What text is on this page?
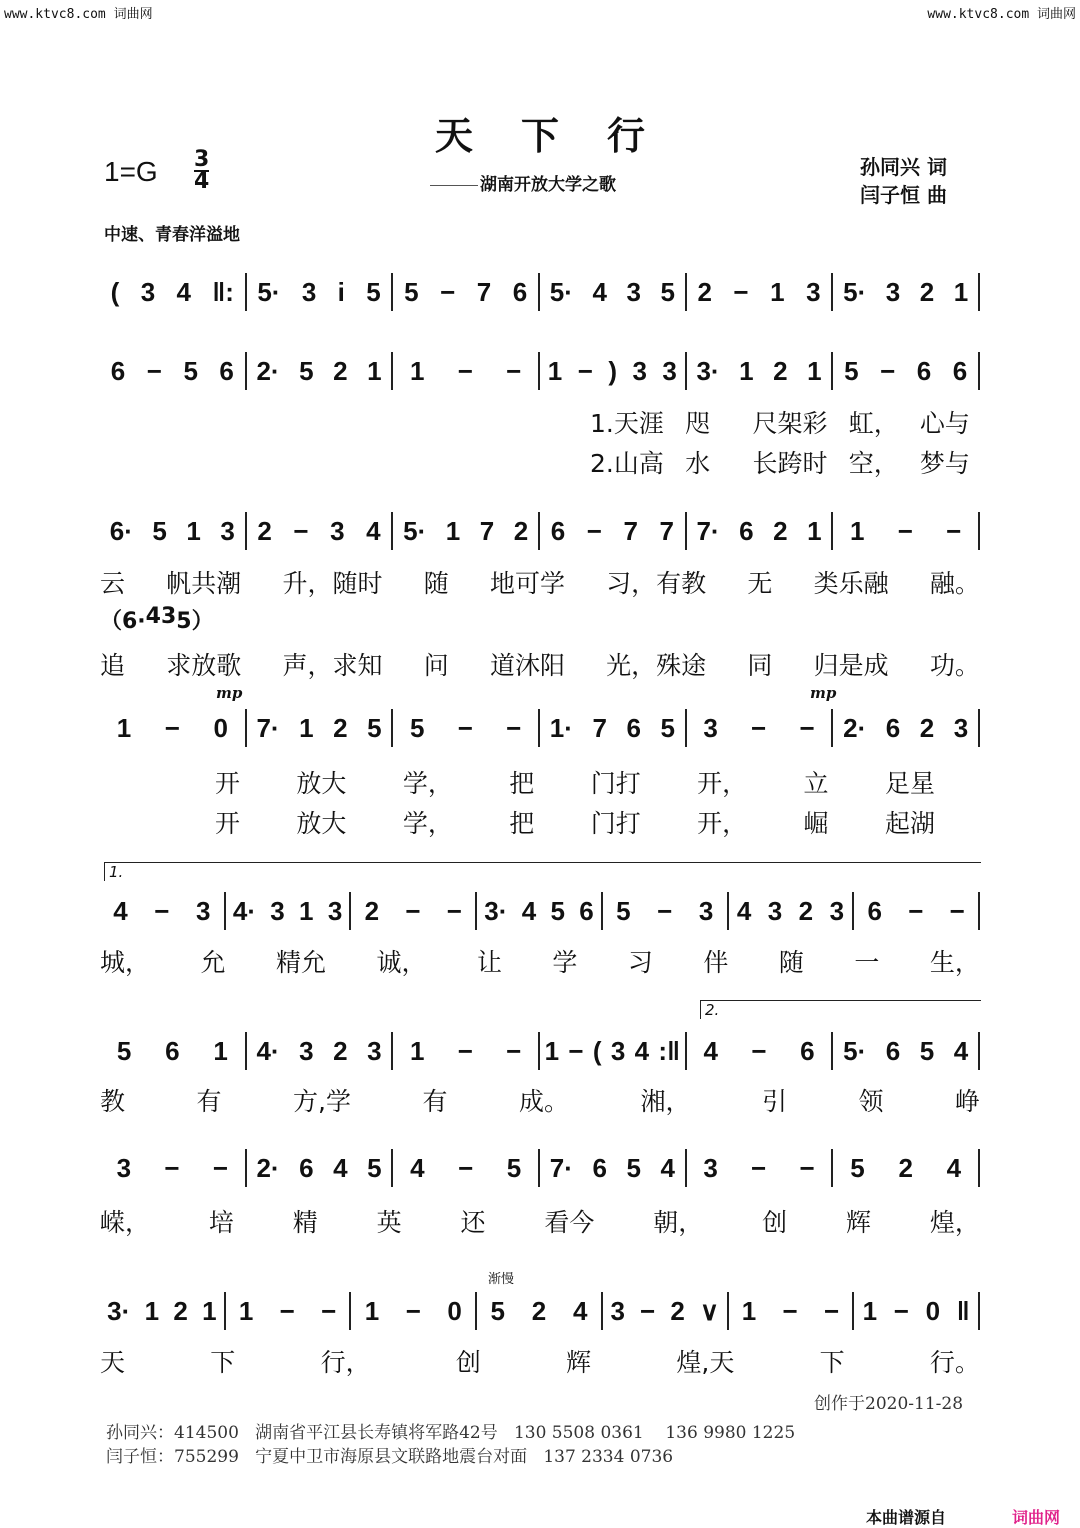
www.ktvc8.com 词曲网	www.ktvc8.com 词曲网
天下行
湖南开放大学之歌
$1=G \frac{3}{4}$	孙同兴 词
闫子恒 曲
中速、青春洋溢地
( 3 4 ‖: 5· 3 i 5 5 − 7 6 5· 4 3 5 2 − 1 3 5· 3 2 1
6 − 5 6 2· 5 2 1 1 − − 1 − ) 3 3 3· 1 2 1 5 − 6 6
1.天涯 咫 尺架彩 虹， 心与
2.山高 水 长跨时 空， 梦与
6· 5 1 3 2 − 3 4 5· 1 7 2 6 − 7 7 7· 6 2 1 1 − −
云 帆共潮 升，随时 随 地可学 习，有教 无 类乐融 融。
（6· 4 3 5）
追 求放歌 声，求知 问 道沐阳 光，殊途 同 归是成 功。
1 − 0 7· 1 2 5 5 − − 1· 7 6 5 3 − − 2· 6 2 3
开 放大 学， 把 门打 开， 立 足星
开 放大 学， 把 门打 开， 崛 起湖
4 − 3 4· 3 1 3 2 − − 3· 4 5 6 5 − 3 4 3 2 3 6 − −
城， 允 精允 诚， 让 学 习 伴 随 一 生，
5 6 1 4· 3 2 3 1 − − 1 − ( 3 4 :‖ 4 − 6 5· 6 5 4
教	有	方,学	有	成。	湘，	引	领	峥
3 − − 2· 6 4 5 4 − 5 7· 6 5 4 3 − − 5 2 4
嵘， 培 精 英 还 看今 朝， 创 辉 煌，
3· 1 2 1 1 − − 1 − 0 5 2 4 3 − 2 ∨ 1 − − 1 − 0 ‖
天	下	行，	创	辉	煌,天	下	行。
mp	mp
1.
2.
渐慢
创作于2020-11-28
孙同兴：414500   湖南省平江县长寿镇将军路42号   130 5508 0361    136 9980 1225
闫子恒：755299   宁夏中卫市海原县文联路地震台对面   137 2334 0736
本曲谱源自	词曲网
